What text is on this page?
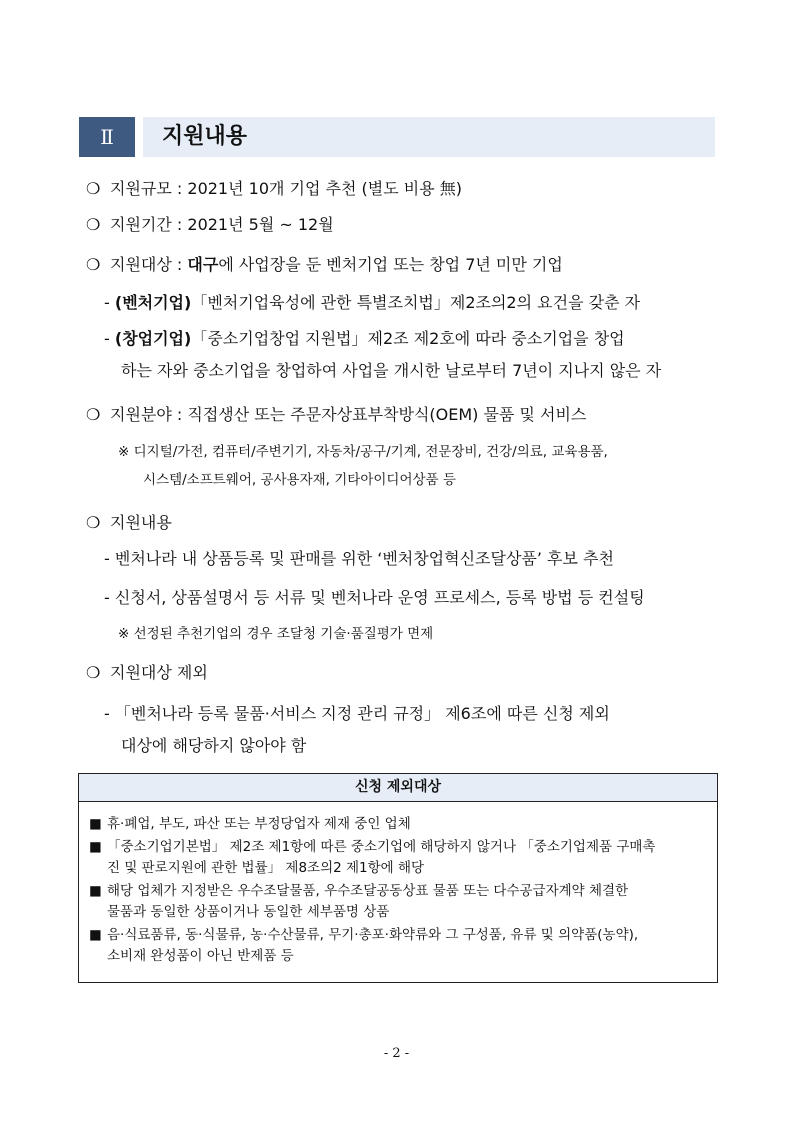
Ⅱ	지원내용
❍ 지원규모 : 2021년 10개 기업 추천 (별도 비용 無)
❍ 지원기간 : 2021년 5월 ~ 12월
❍ 지원대상 : 대구에 사업장을 둔 벤처기업 또는 창업 7년 미만 기업
- (벤처기업)「벤처기업육성에 관한 특별조치법」제2조의2의 요건을 갖춘 자
- (창업기업)「중소기업창업 지원법」제2조 제2호에 따라 중소기업을 창업
하는 자와 중소기업을 창업하여 사업을 개시한 날로부터 7년이 지나지 않은 자
❍ 지원분야 : 직접생산 또는 주문자상표부착방식(OEM) 물품 및 서비스
※ 디지털/가전, 컴퓨터/주변기기, 자동차/공구/기계, 전문장비, 건강/의료, 교육용품,
시스템/소프트웨어, 공사용자재, 기타아이디어상품 등
❍ 지원내용
- 벤처나라 내 상품등록 및 판매를 위한 ‘벤처창업혁신조달상품’ 후보 추천
- 신청서, 상품설명서 등 서류 및 벤처나라 운영 프로세스, 등록 방법 등 컨설팅
※ 선정된 추천기업의 경우 조달청 기술·품질평가 면제
❍ 지원대상 제외
- 「벤처나라 등록 물품·서비스 지정 관리 규정」 제6조에 따른 신청 제외
대상에 해당하지 않아야 함
신청 제외대상
■ 휴·폐업, 부도, 파산 또는 부정당업자 제재 중인 업체
■ 「중소기업기본법」 제2조 제1항에 따른 중소기업에 해당하지 않거나 「중소기업제품 구매촉
진 및 판로지원에 관한 법률」 제8조의2 제1항에 해당
■ 해당 업체가 지정받은 우수조달물품, 우수조달공동상표 물품 또는 다수공급자계약 체결한
물품과 동일한 상품이거나 동일한 세부품명 상품
■ 음·식료품류, 동·식물류, 농·수산물류, 무기·총포·화약류와 그 구성품, 유류 및 의약품(농약),
소비재 완성품이 아닌 반제품 등
- 2 -
